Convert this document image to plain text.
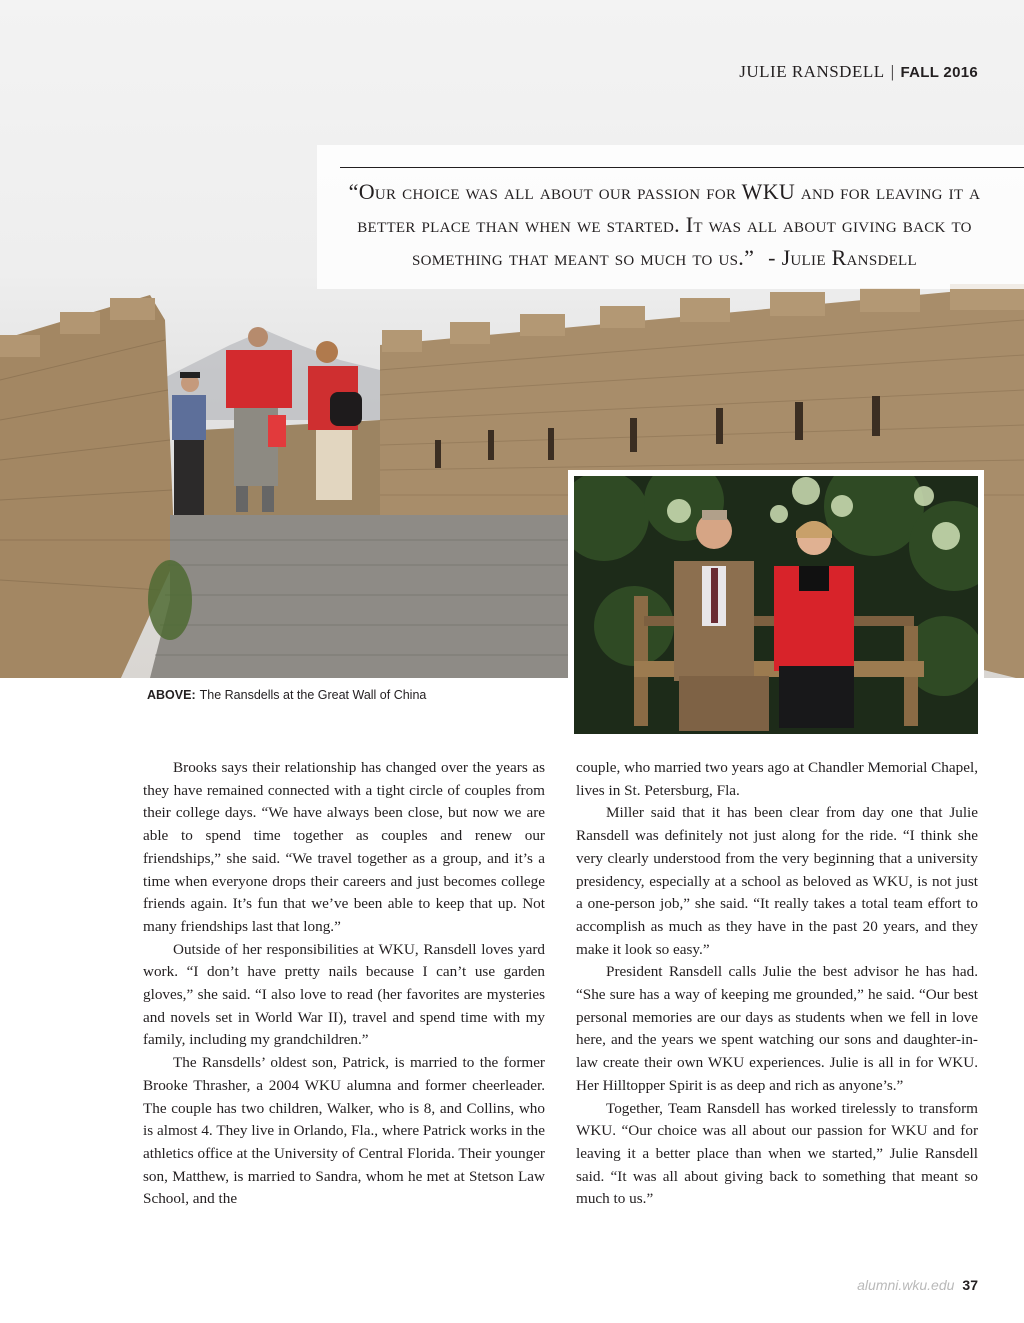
JULIE RANSDELL | FALL 2016
“Our choice was all about our passion for WKU and for leaving it a better place than when we started. It was all about giving back to something that meant so much to us.” - Julie Ransdell
ABOVE: The Ransdells at the Great Wall of China

Brooks says their relationship has changed over the years as they have remained connected with a tight circle of couples from their college days. “We have always been close, but now we are able to spend time together as couples and renew our friendships,” she said. “We travel together as a group, and it’s a time when everyone drops their careers and just becomes college friends again. It’s fun that we’ve been able to keep that up. Not many friendships last that long.”

Outside of her responsibilities at WKU, Ransdell loves yard work. “I don’t have pretty nails because I can’t use garden gloves,” she said. “I also love to read (her favorites are mysteries and novels set in World War II), travel and spend time with my family, including my grandchildren.”

The Ransdells’ oldest son, Patrick, is married to the former Brooke Thrasher, a 2004 WKU alumna and former cheerleader. The couple has two children, Walker, who is 8, and Collins, who is almost 4. They live in Orlando, Fla., where Patrick works in the athletics office at the University of Central Florida. Their younger son, Matthew, is married to Sandra, whom he met at Stetson Law School, and the

couple, who married two years ago at Chandler Memorial Chapel, lives in St. Petersburg, Fla.

Miller said that it has been clear from day one that Julie Ransdell was definitely not just along for the ride. “I think she very clearly understood from the very beginning that a university presidency, especially at a school as beloved as WKU, is not just a one-person job,” she said. “It really takes a total team effort to accomplish as much as they have in the past 20 years, and they make it look so easy.”

President Ransdell calls Julie the best advisor he has had. “She sure has a way of keeping me grounded,” he said. “Our best personal memories are our days as students when we fell in love here, and the years we spent watching our sons and daughter-in-law create their own WKU experiences. Julie is all in for WKU. Her Hilltopper Spirit is as deep and rich as anyone’s.”

Together, Team Ransdell has worked tirelessly to transform WKU. “Our choice was all about our passion for WKU and for leaving it a better place than when we started,” Julie Ransdell said. “It was all about giving back to something that meant so much to us.”

alumni.wku.edu 37
